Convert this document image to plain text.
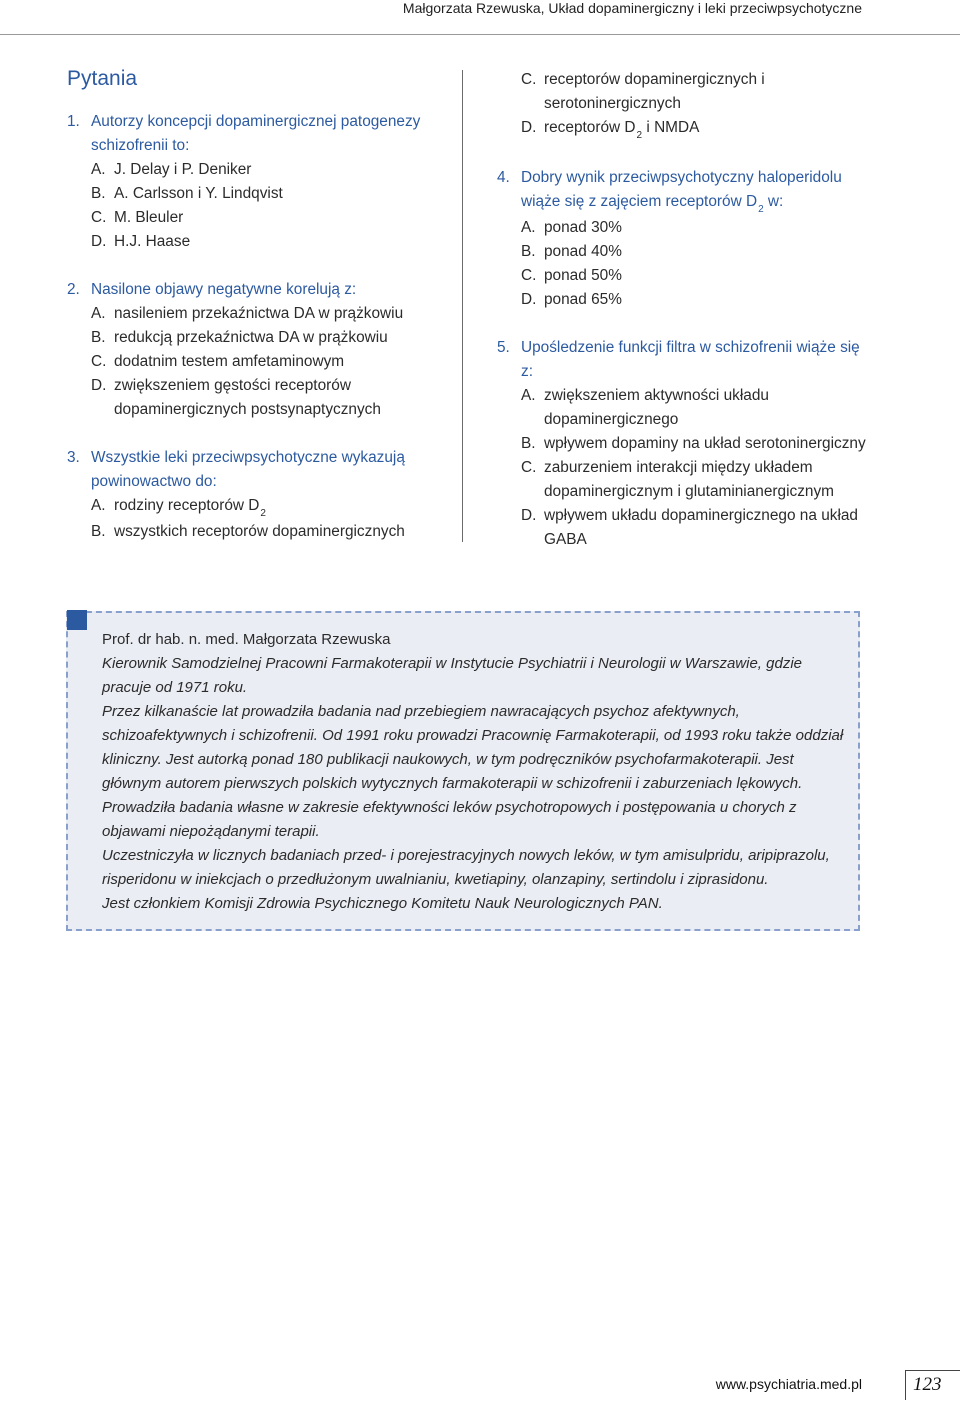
Małgorzata Rzewuska, Układ dopaminergiczny i leki przeciwpsychotyczne
Pytania
1. Autorzy koncepcji dopaminergicznej patogenezy schizofrenii to:
A. J. Delay i P. Deniker
B. A. Carlsson i Y. Lindqvist
C. M. Bleuler
D. H.J. Haase
2. Nasilone objawy negatywne korelują z:
A. nasileniem przekaźnictwa DA w prążkowiu
B. redukcją przekaźnictwa DA w prążkowiu
C. dodatnim testem amfetaminowym
D. zwiększeniem gęstości receptorów dopaminergicznych postsynaptycznych
3. Wszystkie leki przeciwpsychotyczne wykazują powinowactwo do:
A. rodziny receptorów $D_2$
B. wszystkich receptorów dopaminergicznych
C. receptorów dopaminergicznych i serotoninergicznych
D. receptorów $D_2$ i NMDA
4. Dobry wynik przeciwpsychotyczny haloperidolu wiąże się z zajęciem receptorów $D_2$ w:
A. ponad 30%
B. ponad 40%
C. ponad 50%
D. ponad 65%
5. Upośledzenie funkcji filtra w schizofrenii wiąże się z:
A. zwiększeniem aktywności układu dopaminergicznego
B. wpływem dopaminy na układ serotoninergiczny
C. zaburzeniem interakcji między układem dopaminergicznym i glutaminianergicznym
D. wpływem układu dopaminergicznego na układ GABA
Prof. dr hab. n. med. Małgorzata Rzewuska

Kierownik Samodzielnej Pracowni Farmakoterapii w Instytucie Psychiatrii i Neurologii w Warszawie, gdzie pracuje od 1971 roku.

Przez kilkanaście lat prowadziła badania nad przebiegiem nawracających psychoz afektywnych, schizoafektywnych i schizofrenii. Od 1991 roku prowadzi Pracownię Farmakoterapii, od 1993 roku także oddział kliniczny. Jest autorką ponad 180 publikacji naukowych, w tym podręczników psychofarmakoterapii. Jest głównym autorem pierwszych polskich wytycznych farmakoterapii w schizofrenii i zaburzeniach lękowych.

Prowadziła badania własne w zakresie efektywności leków psychotropowych i postępowania u chorych z objawami niepożądanymi terapii.

Uczestniczyła w licznych badaniach przed- i porejestracyjnych nowych leków, w tym amisulpridu, aripiprazolu, risperidonu w iniekcjach o przedłużonym uwalnianiu, kwetiapiny, olanzapiny, sertindolu i ziprasidonu.

Jest członkiem Komisji Zdrowia Psychicznego Komitetu Nauk Neurologicznych PAN.

www.psychiatria.med.pl	123
